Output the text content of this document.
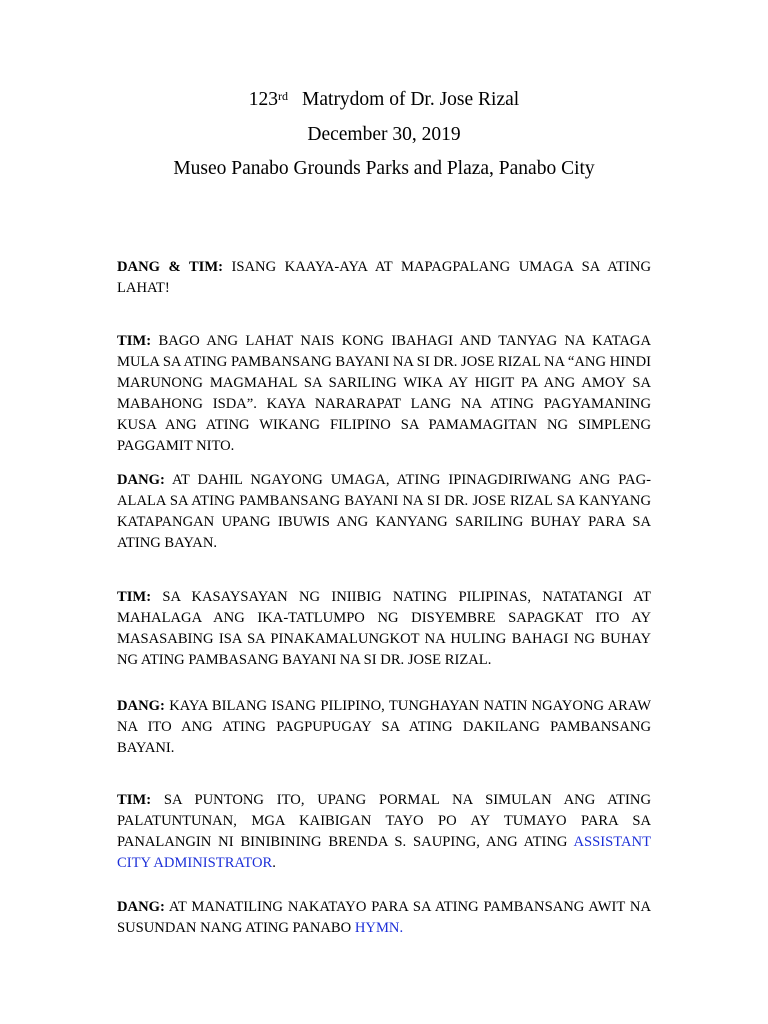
123rd Matrydom of Dr. Jose Rizal
December 30, 2019
Museo Panabo Grounds Parks and Plaza, Panabo City
DANG & TIM: ISANG KAAYA-AYA AT MAPAGPALANG UMAGA SA ATING LAHAT!
TIM: BAGO ANG LAHAT NAIS KONG IBAHAGI AND TANYAG NA KATAGA MULA SA ATING PAMBANSANG BAYANI NA SI DR. JOSE RIZAL NA “ANG HINDI MARUNONG MAGMAHAL SA SARILING WIKA AY HIGIT PA ANG AMOY SA MABAHONG ISDA”. KAYA NARARAPAT LANG NA ATING PAGYAMANING KUSA ANG ATING WIKANG FILIPINO SA PAMAMAGITAN NG SIMPLENG PAGGAMIT NITO.
DANG: AT DAHIL NGAYONG UMAGA, ATING IPINAGDIRIWANG ANG PAG-ALALA SA ATING PAMBANSANG BAYANI NA SI DR. JOSE RIZAL SA KANYANG KATAPANGAN UPANG IBUWIS ANG KANYANG SARILING BUHAY PARA SA ATING BAYAN.
TIM: SA KASAYSAYAN NG INIIBIG NATING PILIPINAS, NATATANGI AT MAHALAGA ANG IKA-TATLUMPO NG DISYEMBRE SAPAGKAT ITO AY MASASABING ISA SA PINAKAMALUNGKOT NA HULING BAHAGI NG BUHAY NG ATING PAMBASANG BAYANI NA SI DR. JOSE RIZAL.
DANG: KAYA BILANG ISANG PILIPINO, TUNGHAYAN NATIN NGAYONG ARAW NA ITO ANG ATING PAGPUPUGAY SA ATING DAKILANG PAMBANSANG BAYANI.
TIM: SA PUNTONG ITO, UPANG PORMAL NA SIMULAN ANG ATING PALATUNTUNAN, MGA KAIBIGAN TAYO PO AY TUMAYO PARA SA PANALANGIN NI BINIBINING BRENDA S. SAUPING, ANG ATING ASSISTANT CITY ADMINISTRATOR.
DANG: AT MANATILING NAKATAYO PARA SA ATING PAMBANSANG AWIT NA SUSUNDAN NANG ATING PANABO HYMN.
